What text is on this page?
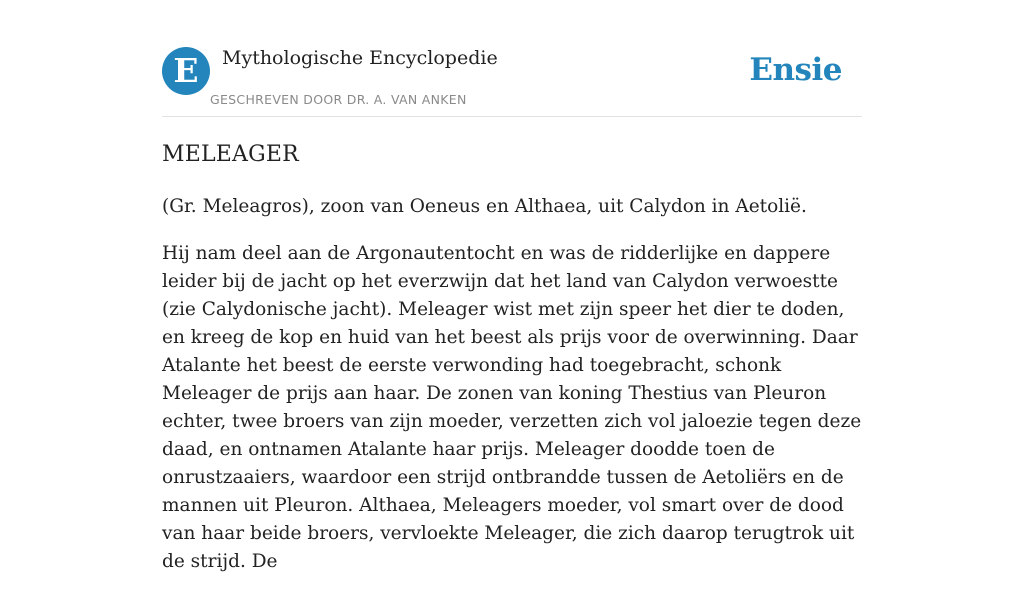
E	Mythologische Encyclopedie
GESCHREVEN DOOR DR. A. VAN ANKEN
Ensie
MELEAGER

(Gr. Meleagros), zoon van Oeneus en Althaea, uit Calydon in Aetolië.

Hij nam deel aan de Argonautentocht en was de ridderlijke en dappere leider bij de jacht op het everzwijn dat het land van Calydon verwoestte (zie Calydonische jacht). Meleager wist met zijn speer het dier te doden, en kreeg de kop en huid van het beest als prijs voor de overwinning. Daar Atalante het beest de eerste verwonding had toegebracht, schonk Meleager de prijs aan haar. De zonen van koning Thestius van Pleuron echter, twee broers van zijn moeder, verzetten zich vol jaloezie tegen deze daad, en ontnamen Atalante haar prijs. Meleager doodde toen de onrustzaaiers, waardoor een strijd ontbrandde tussen de Aetoliërs en de mannen uit Pleuron. Althaea, Meleagers moeder, vol smart over de dood van haar beide broers, vervloekte Meleager, die zich daarop terugtrok uit de strijd. De
